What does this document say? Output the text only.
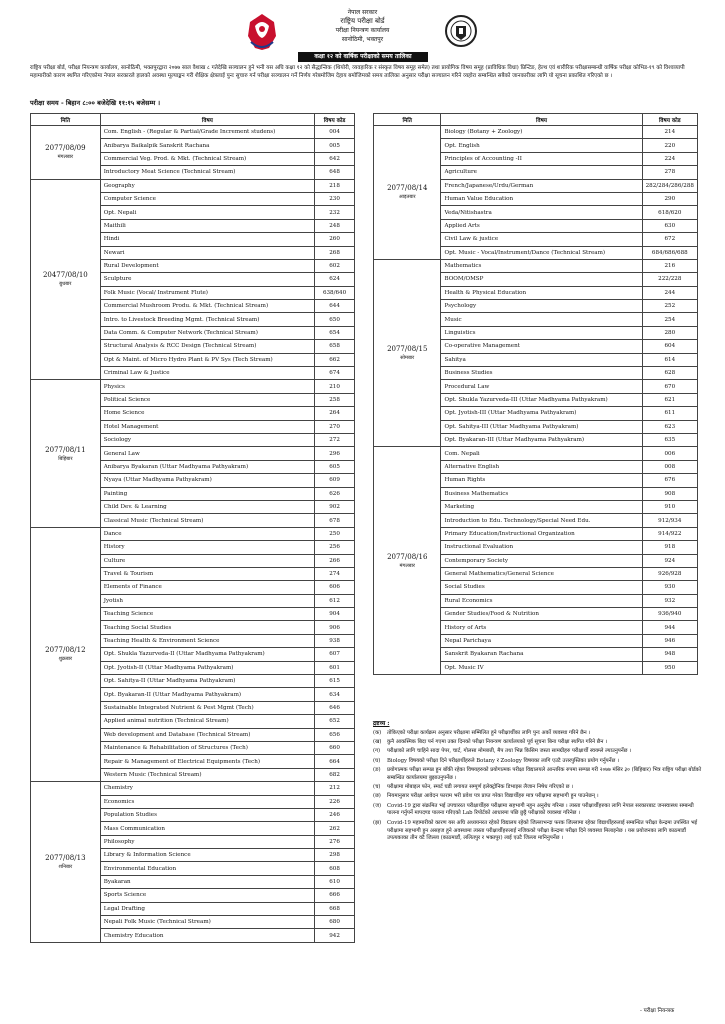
नेपाल सरकार
राष्ट्रिय परीक्षा बोर्ड
परीक्षा नियन्त्रण कार्यालय
सानोठिमी, भक्तपुर
कक्षा १२ को वार्षिक परीक्षाको समय तालिका
राष्ट्रिय परीक्षा बोर्ड, परीक्षा नियन्त्रण कार्यालय, सानोठिमी, भक्तपुरद्वारा २०७७ साल वैशाख ८ गतेदेखि सञ्चालन हुने भनी यस अघि कक्षा १२ को सैद्धान्तिक (थियोरी, व्यवहारिक र संस्कृत विषय समूह समेत) तथा प्रायोगिक विषय समूह (प्राविधिक विधा) प्रिन्टिङ, हेल्थ एवं शारीरिक परीक्षासम्बन्धी वार्षिक परीक्षा कोभिड-१९ को विश्वव्यापी महामारीको कारण स्थगित गरिएकोमा नेपाल सरकारले हालको अवस्था मूल्याङ्कन गरी शैक्षिक क्षेत्रलाई पुनः सुचारु गर्न परीक्षा सञ्चालन गर्ने निर्णय गरेबमोजिम देहाय बमोजिमको समय तालिका अनुसार परीक्षा सञ्चालन गरिने व्यहोरा सम्बन्धित सबैको जानकारीका लागि यो सूचना प्रकाशित गरिएको छ ।
परीक्षा समय - बिहान ८:०० बजेदेखि ११:१५ बजेसम्म ।
मिति	विषय	विषय कोड

2077/08/09
मंगलबार	Com. English - (Regular & Partial/Grade Increment studens)	004
	Anibarya Baikalpik Sanskrit Rachana	005
	Commercial Veg. Prod. & Mkt. (Technical Stream)	642
	Introductory Meat Science (Technical Stream)	648

20477/08/10
बुधबार	Geography	218
	Computer Science	230
	Opt. Nepali	232
	Maithili	248
	Hindi	260
	Newari	268
	Rural Development	602
	Sculpture	624
	Folk Music (Vocal/ Instrument Flute)	638/640
	Commercial Mushroom Produ. & Mkt. (Technical Stream)	644
	Intro. to Livestock Breeding Mgmt. (Technical Stream)	650
	Data Comm. & Computer Network (Technical Stream)	654
	Structural Analysis & RCC Design (Technical Stream)	658
	Opt & Maint. of Micro Hydro Plant & PV Sys (Tech Stream)	662
	Criminal Law & Justice	674

2077/08/11
बिहिबार	Physics	210
	Political Science	258
	Home Science	264
	Hotel Management	270
	Sociology	272
	General Law	296
	Anibarya Byakaran (Uttar Madhyama Pathyakram)	605
	Nyaya (Uttar Madhyama Pathyakram)	609
	Painting	626
	Child Dev. & Learning	902
	Classical Music (Technical Stream)	678

2077/08/12
शुक्रबार	Dance	250
	History	256
	Culture	266
	Travel & Tourism	274
	Elements of Finance	606
	Jyotish	612
	Teaching Science	904
	Teaching Social Studies	906
	Teaching Health & Environment Science	938
	Opt. Shukla Yazurveda-II (Uttar Madhyama Pathyakram)	607
	Opt. Jyotish-II (Uttar Madhyama Pathyakram)	601
	Opt. Sahitya-II (Uttar Madhyama Pathyakram)	615
	Opt. Byakaran-II (Uttar Madhyama Pathyakram)	634
	Sustainable Integrated Nutrient & Pest Mgmt (Tech)	646
	Applied animal nutrition (Technical Stream)	652
	Web development and Database (Technical Stream)	656
	Maintenance & Rehabilitation of Structures (Tech)	660
	Repair & Management of Electrical Equipments (Tech)	664
	Western Music (Technical Stream)	682

2077/08/13
शनिबार	Chemistry	212
	Economics	226
	Population Studies	246
	Mass Communication	262
	Philosophy	276
	Library & Information Science	298
	Environmental Education	608
	Byakaran	610
	Sports Science	666
	Legal Drafting	668
	Nepali Folk Music (Technical Stream)	680
	Chemistry Education	942
मिति	विषय	विषय कोड

2077/08/14
आइतबार	Biology (Botany + Zoology)	214
	Opt. English	220
	Principles of Accounting -II	224
	Agriculture	278
	French/Japanese/Urdu/German	282/284/286/288
	Human Value Education	290
	Veda/Nitishastra	618/620
	Applied Arts	630
	Civil Law & justice	672
	Opt. Music - Vocal/Instrument/Dance (Technical Stream)	684/686/688

2077/08/15
सोमबार	Mathematics	216
	BOOM/OMSP	222/228
	Health & Physical Education	244
	Psychology	252
	Music	254
	Linguistics	280
	Co-operative Management	604
	Sahitya	614
	Business Studies	628
	Procedural Law	670
	Opt. Shukla Yazurveda-III (Uttar Madhyama Pathyakram)	621
	Opt. Jyotish-III (Uttar Madhyama Pathyakram)	611
	Opt. Sahitya-III (Uttar Madhyama Pathyakram)	623
	Opt. Byakaran-III (Uttar Madhyama Pathyakram)	635

2077/08/16
मंगलबार	Com. Nepali	006
	Alternative English	008
	Human Rights	676
	Business Mathematics	908
	Marketing	910
	Introduction to Edu. Technology/Special Need Edu.	912/934
	Primary Education/Instructional Organization	914/922
	Instructional Evaluation	918
	Contemporary Society	924
	General Mathematics/General Science	926/928
	Social Studies	930
	Rural Economics	932
	Gender Studies/Food & Nutrition	936/940
	History of Arts	944
	Nepal Parichaya	946
	Sanskrit Byakaran Rachana	948
	Opt. Music IV	950
द्रष्टव्य :
(क)	तोकिएको परीक्षा कार्यक्रम अनुसार परीक्षामा सम्मिलित हुने परीक्षार्थीका लागि पुनः अर्को व्यवस्था गरिने छैन ।
(ख)	कुनै आकस्मिक बिदा पर्न गएमा उक्त दिनको परीक्षा नियन्त्रण कार्यालयको पूर्व सूचना बिना परीक्षा स्थगित गरिने छैन ।
(ग)	परीक्षाको लागि चाहिने सादा पेपर, चार्ट, गोलसा मोमबत्ती, मैप तथा भिन्न किसिम जस्ता सामग्रीहरु परीक्षार्थी स्वयम्ले ल्याउनुपर्नेछ ।
(घ)	Biology विषयको परीक्षा दिने परीक्षार्थीहरुले Botany र Zoology विषयका लागि एउटै उत्तरपुस्तिका प्रयोग गर्नुपर्नेछ ।
(ङ)	प्रयोगात्मक परीक्षा सम्पन्न हुन बाँकी रहेका विषयहरुको प्रयोगात्मक परीक्षा विद्यालयले आन्तरिक रुपमा सम्पन्न गरी २०७७ मंसिर ३० (बिहिबार) भित्र राष्ट्रिय परीक्षा बोर्डको सम्बन्धित कार्यालयमा बुझाउनुपर्नेछ ।
(च)	परीक्षामा मोबाइल फोन, स्मार्ट घडी लगायत सम्पूर्ण इलेक्ट्रोनिक डिभाइस लैजान निषेध गरिएको छ ।
(छ)	नियमानुसार परीक्षा आवेदन फाराम भरी प्रवेश पत्र प्राप्त गरेका विद्यार्थीहरु मात्र परीक्षामा सहभागी हुन पाउनेछन् ।
(ज)	Covid-19 द्वारा संक्रमित भई उपचाररत परीक्षार्थीहरु परीक्षामा सहभागी नहुन अनुरोध गरिन्छ । त्यस्ता परीक्षार्थीहरुका लागि नेपाल सरकारबाट जनस्वास्थ्य सम्बन्धी पालना गर्नुपर्ने मापदण्ड पालना गरिएको Lab रिपोर्टको आधारमा पछि छुट्टै परीक्षाको व्यवस्था गरिनेछ ।
(झ)	Covid-19 महामारीको कारण यस अघि अध्ययनरत रहेको विद्यालय रहेको जिल्लाभन्दा फरक जिल्लामा रहेका विद्यार्थीहरुलाई सम्बन्धित परीक्षा केन्द्रमा उपस्थित भई परीक्षामा सहभागी हुन असहज हुने अवस्थामा त्यस्ता परीक्षार्थीहरुलाई नजिकको परीक्षा केन्द्रमा परीक्षा दिने व्यवस्था मिलाइनेछ । यस प्रयोजनका लागि काठमाडौं उपत्यकाका तीन वटै जिल्ला (काठमाडौं, ललितपुर र भक्तपुर) लाई एउटै जिल्ला मानिनुपर्नेछ ।
- परीक्षा नियन्त्रक
